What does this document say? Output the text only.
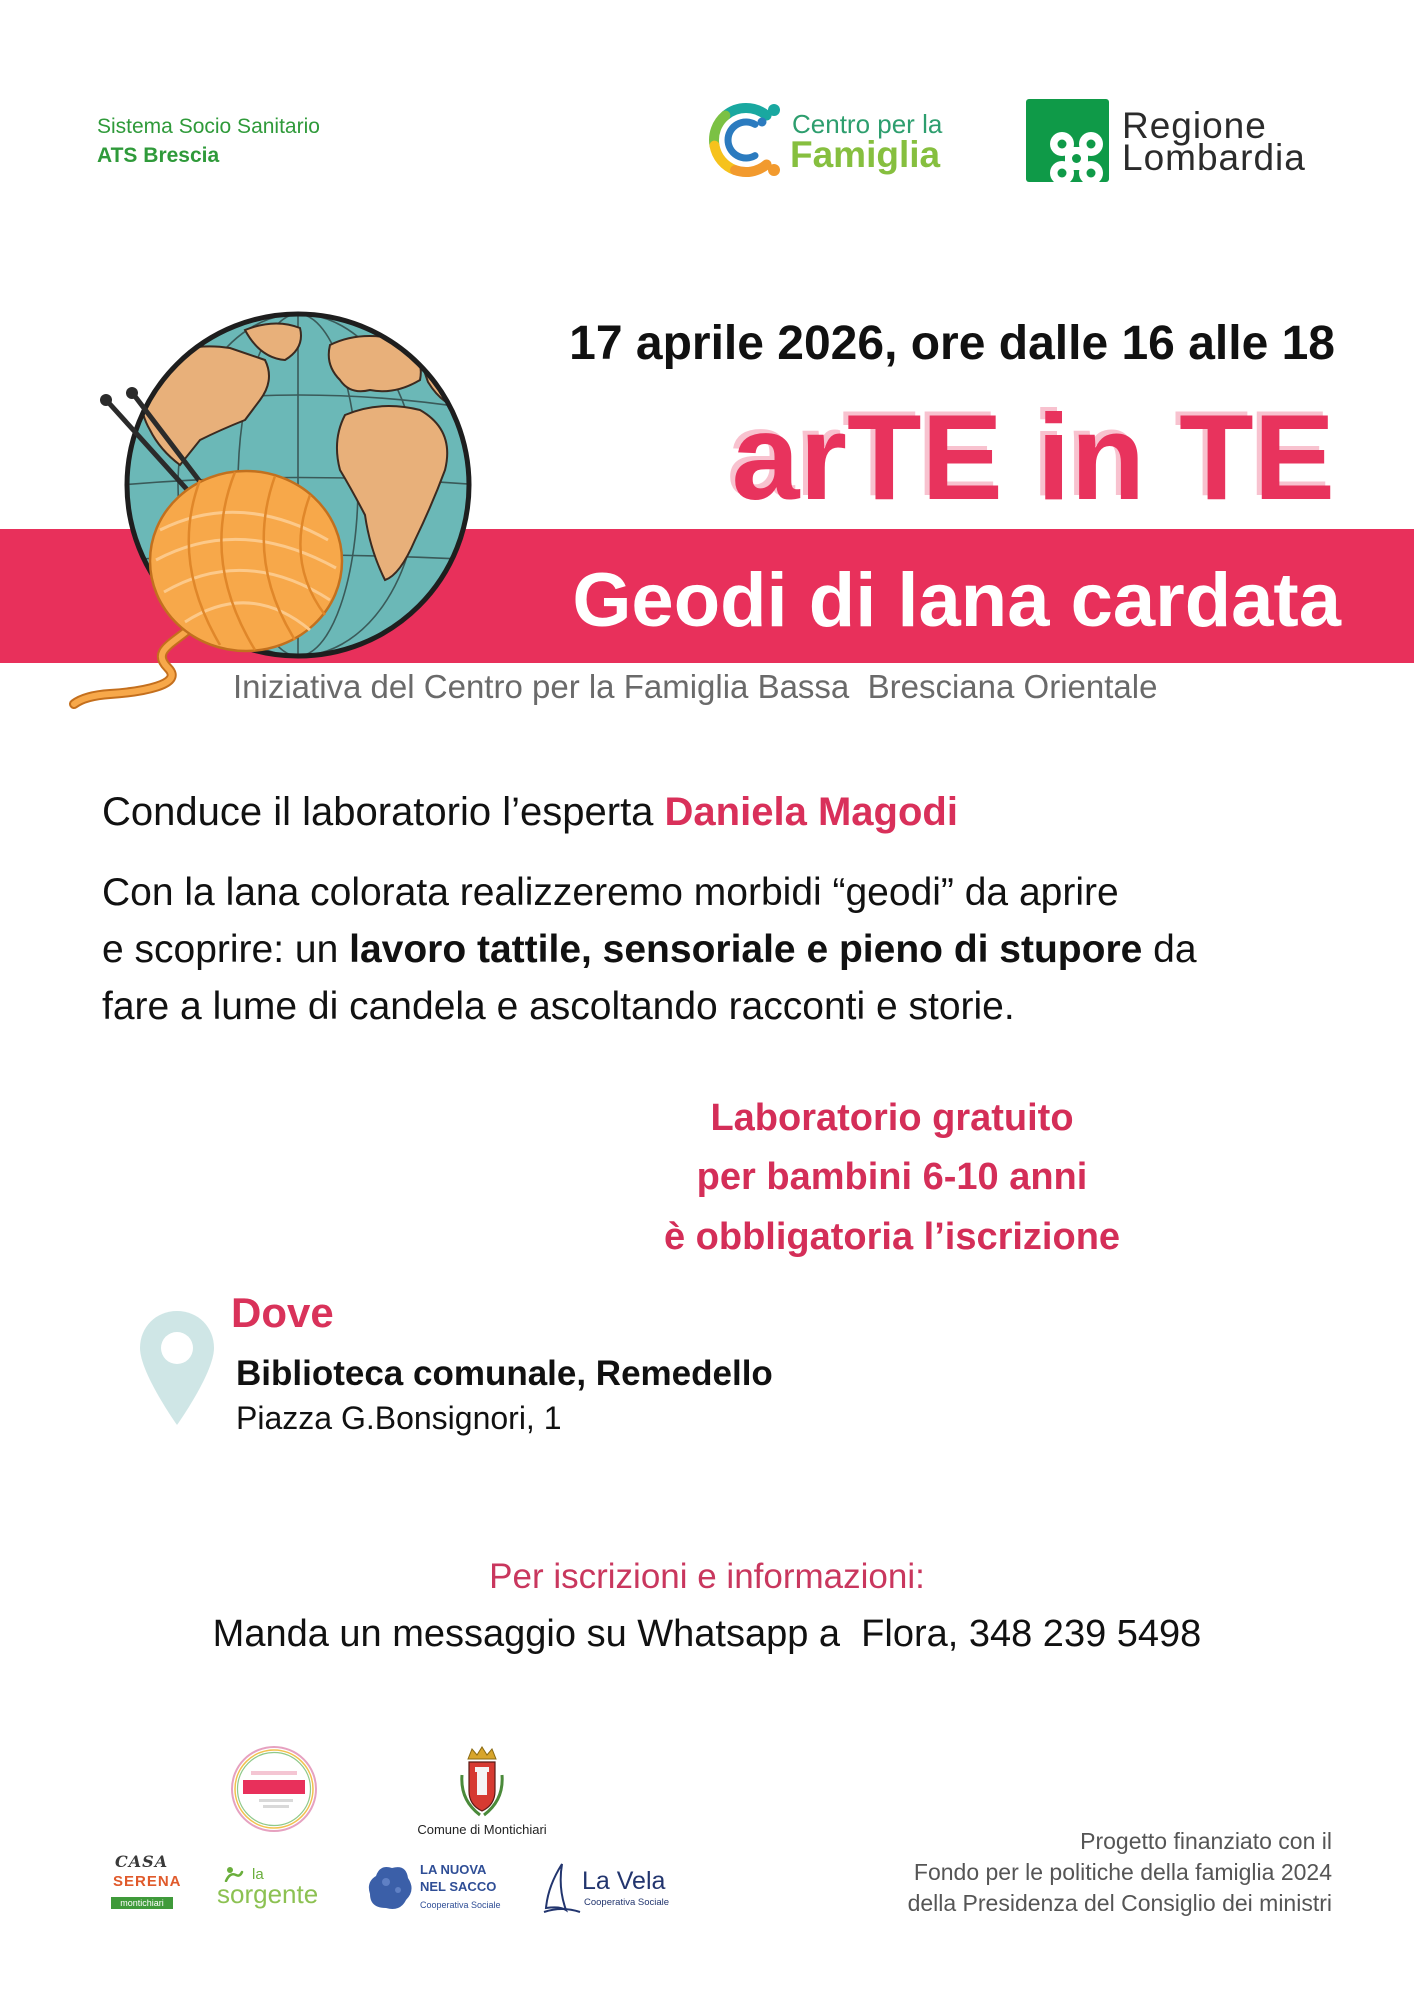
Sistema Socio Sanitario
ATS Brescia
Centro per la
Famiglia

Regione
Lombardia
17 aprile 2026, ore dalle 16 alle 18
arTE in TE
Geodi di lana cardata
Iniziativa del Centro per la Famiglia Bassa  Bresciana Orientale
Conduce il laboratorio l’esperta Daniela Magodi
Con la lana colorata realizzeremo morbidi “geodi” da aprire
e scoprire: un lavoro tattile, sensoriale e pieno di stupore da
fare a lume di candela e ascoltando racconti e storie.
Laboratorio gratuito
per bambini 6-10 anni
è obbligatoria l’iscrizione
Dove
Biblioteca comunale, Remedello
Piazza G.Bonsignori, 1
Per iscrizioni e informazioni:
Manda un messaggio su Whatsapp a  Flora, 348 239 5498
Comune di Montichiari

CASA

SERENA

montichiari

la
sorgente
LA NUOVA
NEL SACCO
Cooperativa Sociale
La Vela
Cooperativa Sociale
Progetto finanziato con il
Fondo per le politiche della famiglia 2024
della Presidenza del Consiglio dei ministri
